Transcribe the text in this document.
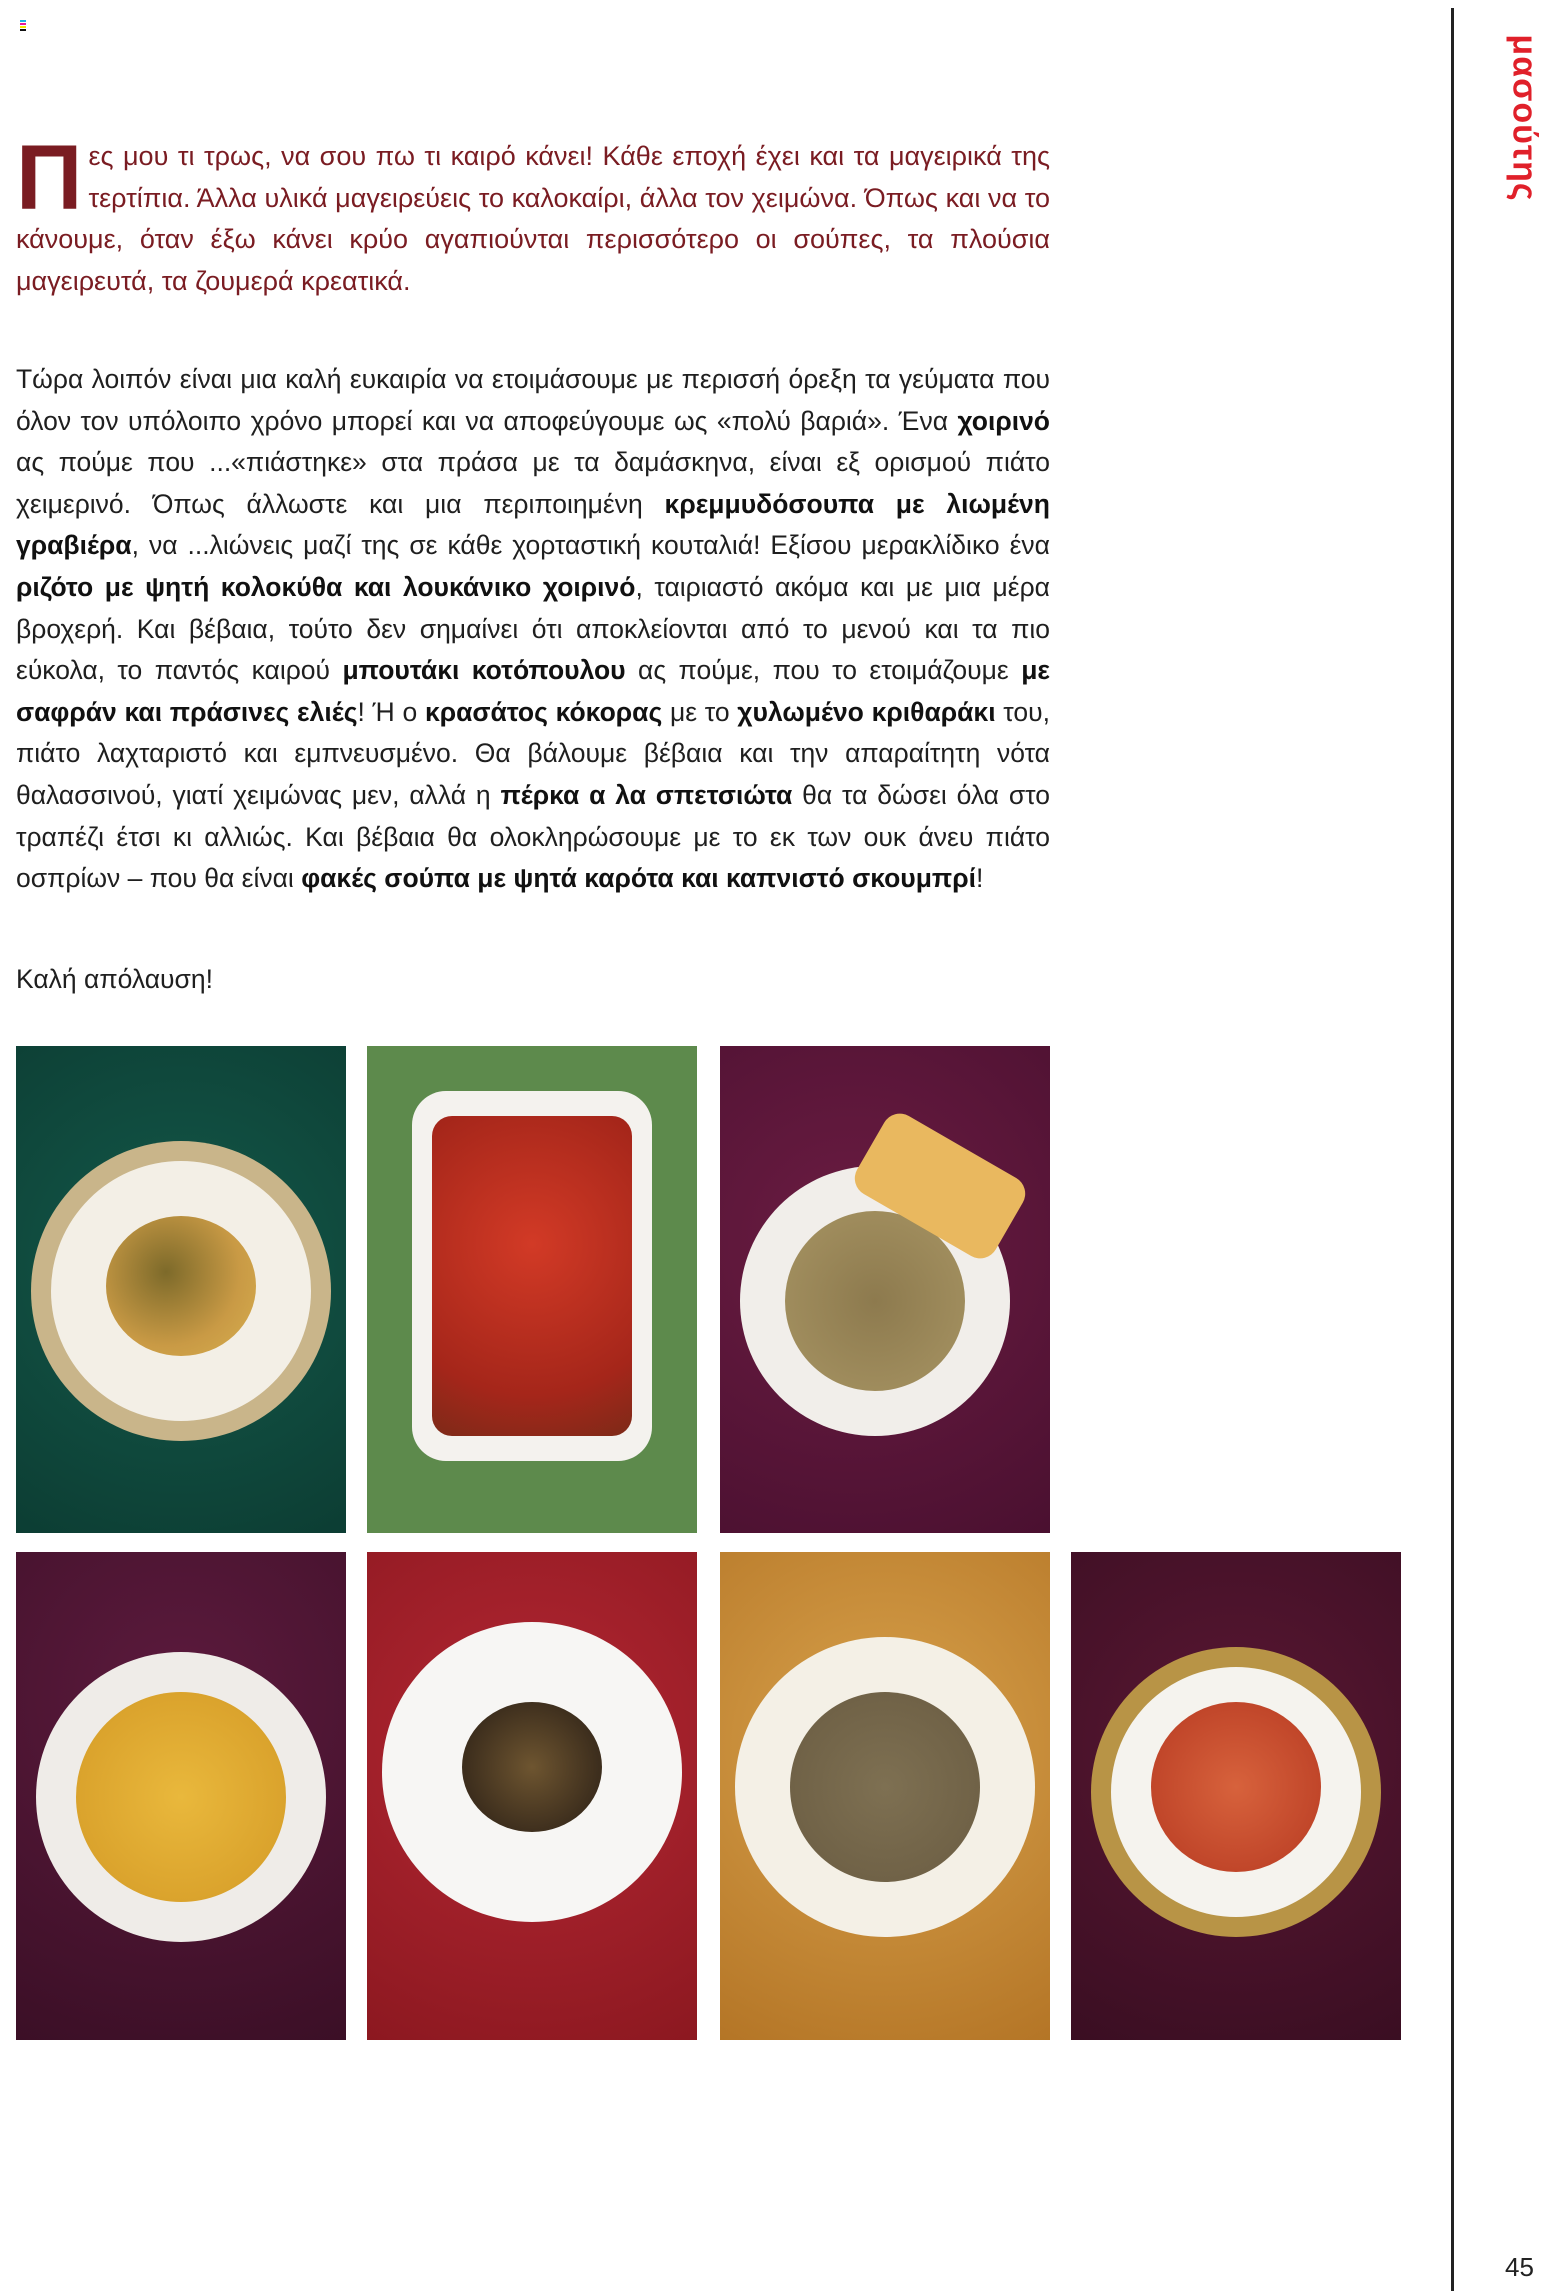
Πες μου τι τρως, να σου πω τι καιρό κάνει! Κάθε εποχή έχει και τα μαγειρικά της τερτίπια. Άλλα υλικά μαγειρεύεις το καλοκαίρι, άλλα τον χειμώνα. Όπως και να το κάνουμε, όταν έξω κάνει κρύο αγαπιούνται περισσότερο οι σούπες, τα πλούσια μαγειρευτά, τα ζουμερά κρεατικά.
Τώρα λοιπόν είναι μια καλή ευκαιρία να ετοιμάσουμε με περισσή όρεξη τα γεύματα που όλον τον υπόλοιπο χρόνο μπορεί και να αποφεύγουμε ως «πολύ βαριά». Ένα χοιρινό ας πούμε που ...«πιάστηκε» στα πράσα με τα δαμάσκηνα, είναι εξ ορισμού πιάτο χειμερινό. Όπως άλλωστε και μια περιποιημένη κρεμμυδόσουπα με λιωμένη γραβιέρα, να ...λιώνεις μαζί της σε κάθε χορταστική κουταλιά! Εξίσου μερακλίδικο ένα ριζότο με ψητή κολοκύθα και λουκάνικο χοιρινό, ταιριαστό ακόμα και με μια μέρα βροχερή. Και βέβαια, τούτο δεν σημαίνει ότι αποκλείονται από το μενού και τα πιο εύκολα, το παντός καιρού μπουτάκι κοτόπουλου ας πούμε, που το ετοιμάζουμε με σαφράν και πράσινες ελιές! Ή ο κρασάτος κόκορας με το χυλωμένο κριθαράκι του, πιάτο λαχταριστό και εμπνευσμένο. Θα βάλουμε βέβαια και την απαραίτητη νότα θαλασσινού, γιατί χειμώνας μεν, αλλά η πέρκα α λα σπετσιώτα θα τα δώσει όλα στο τραπέζι έτσι κι αλλιώς. Και βέβαια θα ολοκληρώσουμε με το εκ των ουκ άνευ πιάτο οσπρίων – που θα είναι φακές σούπα με ψητά καρότα και καπνιστό σκουμπρί!
Καλή απόλαυση!
μασούτης
45
